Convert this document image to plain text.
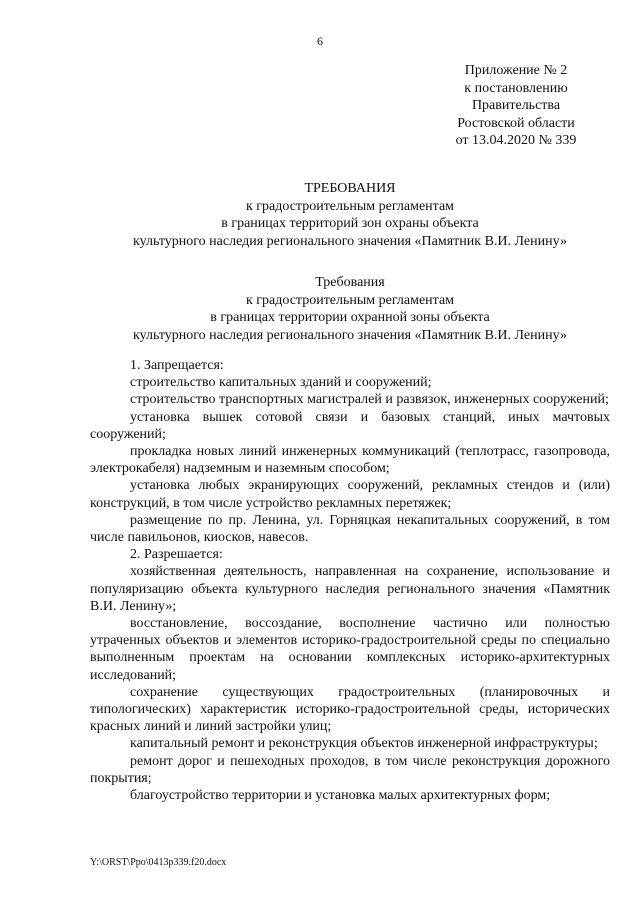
6
Приложение № 2
к постановлению
Правительства
Ростовской области
от 13.04.2020 № 339
ТРЕБОВАНИЯ
к градостроительным регламентам
в границах территорий зон охраны объекта
культурного наследия регионального значения «Памятник В.И. Ленину»
Требования
к градостроительным регламентам
в границах территории охранной зоны объекта
культурного наследия регионального значения «Памятник В.И. Ленину»

1. Запрещается:

строительство капитальных зданий и сооружений;

строительство транспортных магистралей и развязок, инженерных сооружений;

установка вышек сотовой связи и базовых станций, иных мачтовых сооружений;

прокладка новых линий инженерных коммуникаций (теплотрасс, газопровода, электрокабеля) надземным и наземным способом;

установка любых экранирующих сооружений, рекламных стендов и (или) конструкций, в том числе устройство рекламных перетяжек;

размещение по пр. Ленина, ул. Горняцкая некапитальных сооружений, в том числе павильонов, киосков, навесов.

2. Разрешается:

хозяйственная деятельность, направленная на сохранение, использование и популяризацию объекта культурного наследия регионального значения «Памятник В.И. Ленину»;

восстановление, воссоздание, восполнение частично или полностью утраченных объектов и элементов историко-градостроительной среды по специально выполненным проектам на основании комплексных историко-архитектурных исследований;

сохранение существующих градостроительных (планировочных и типологических) характеристик историко-градостроительной среды, исторических красных линий и линий застройки улиц;

капитальный ремонт и реконструкция объектов инженерной инфраструктуры;

ремонт дорог и пешеходных проходов, в том числе реконструкция дорожного покрытия;

благоустройство территории и установка малых архитектурных форм;

Y:\ORST\Ppo\0413p339.f20.docx
